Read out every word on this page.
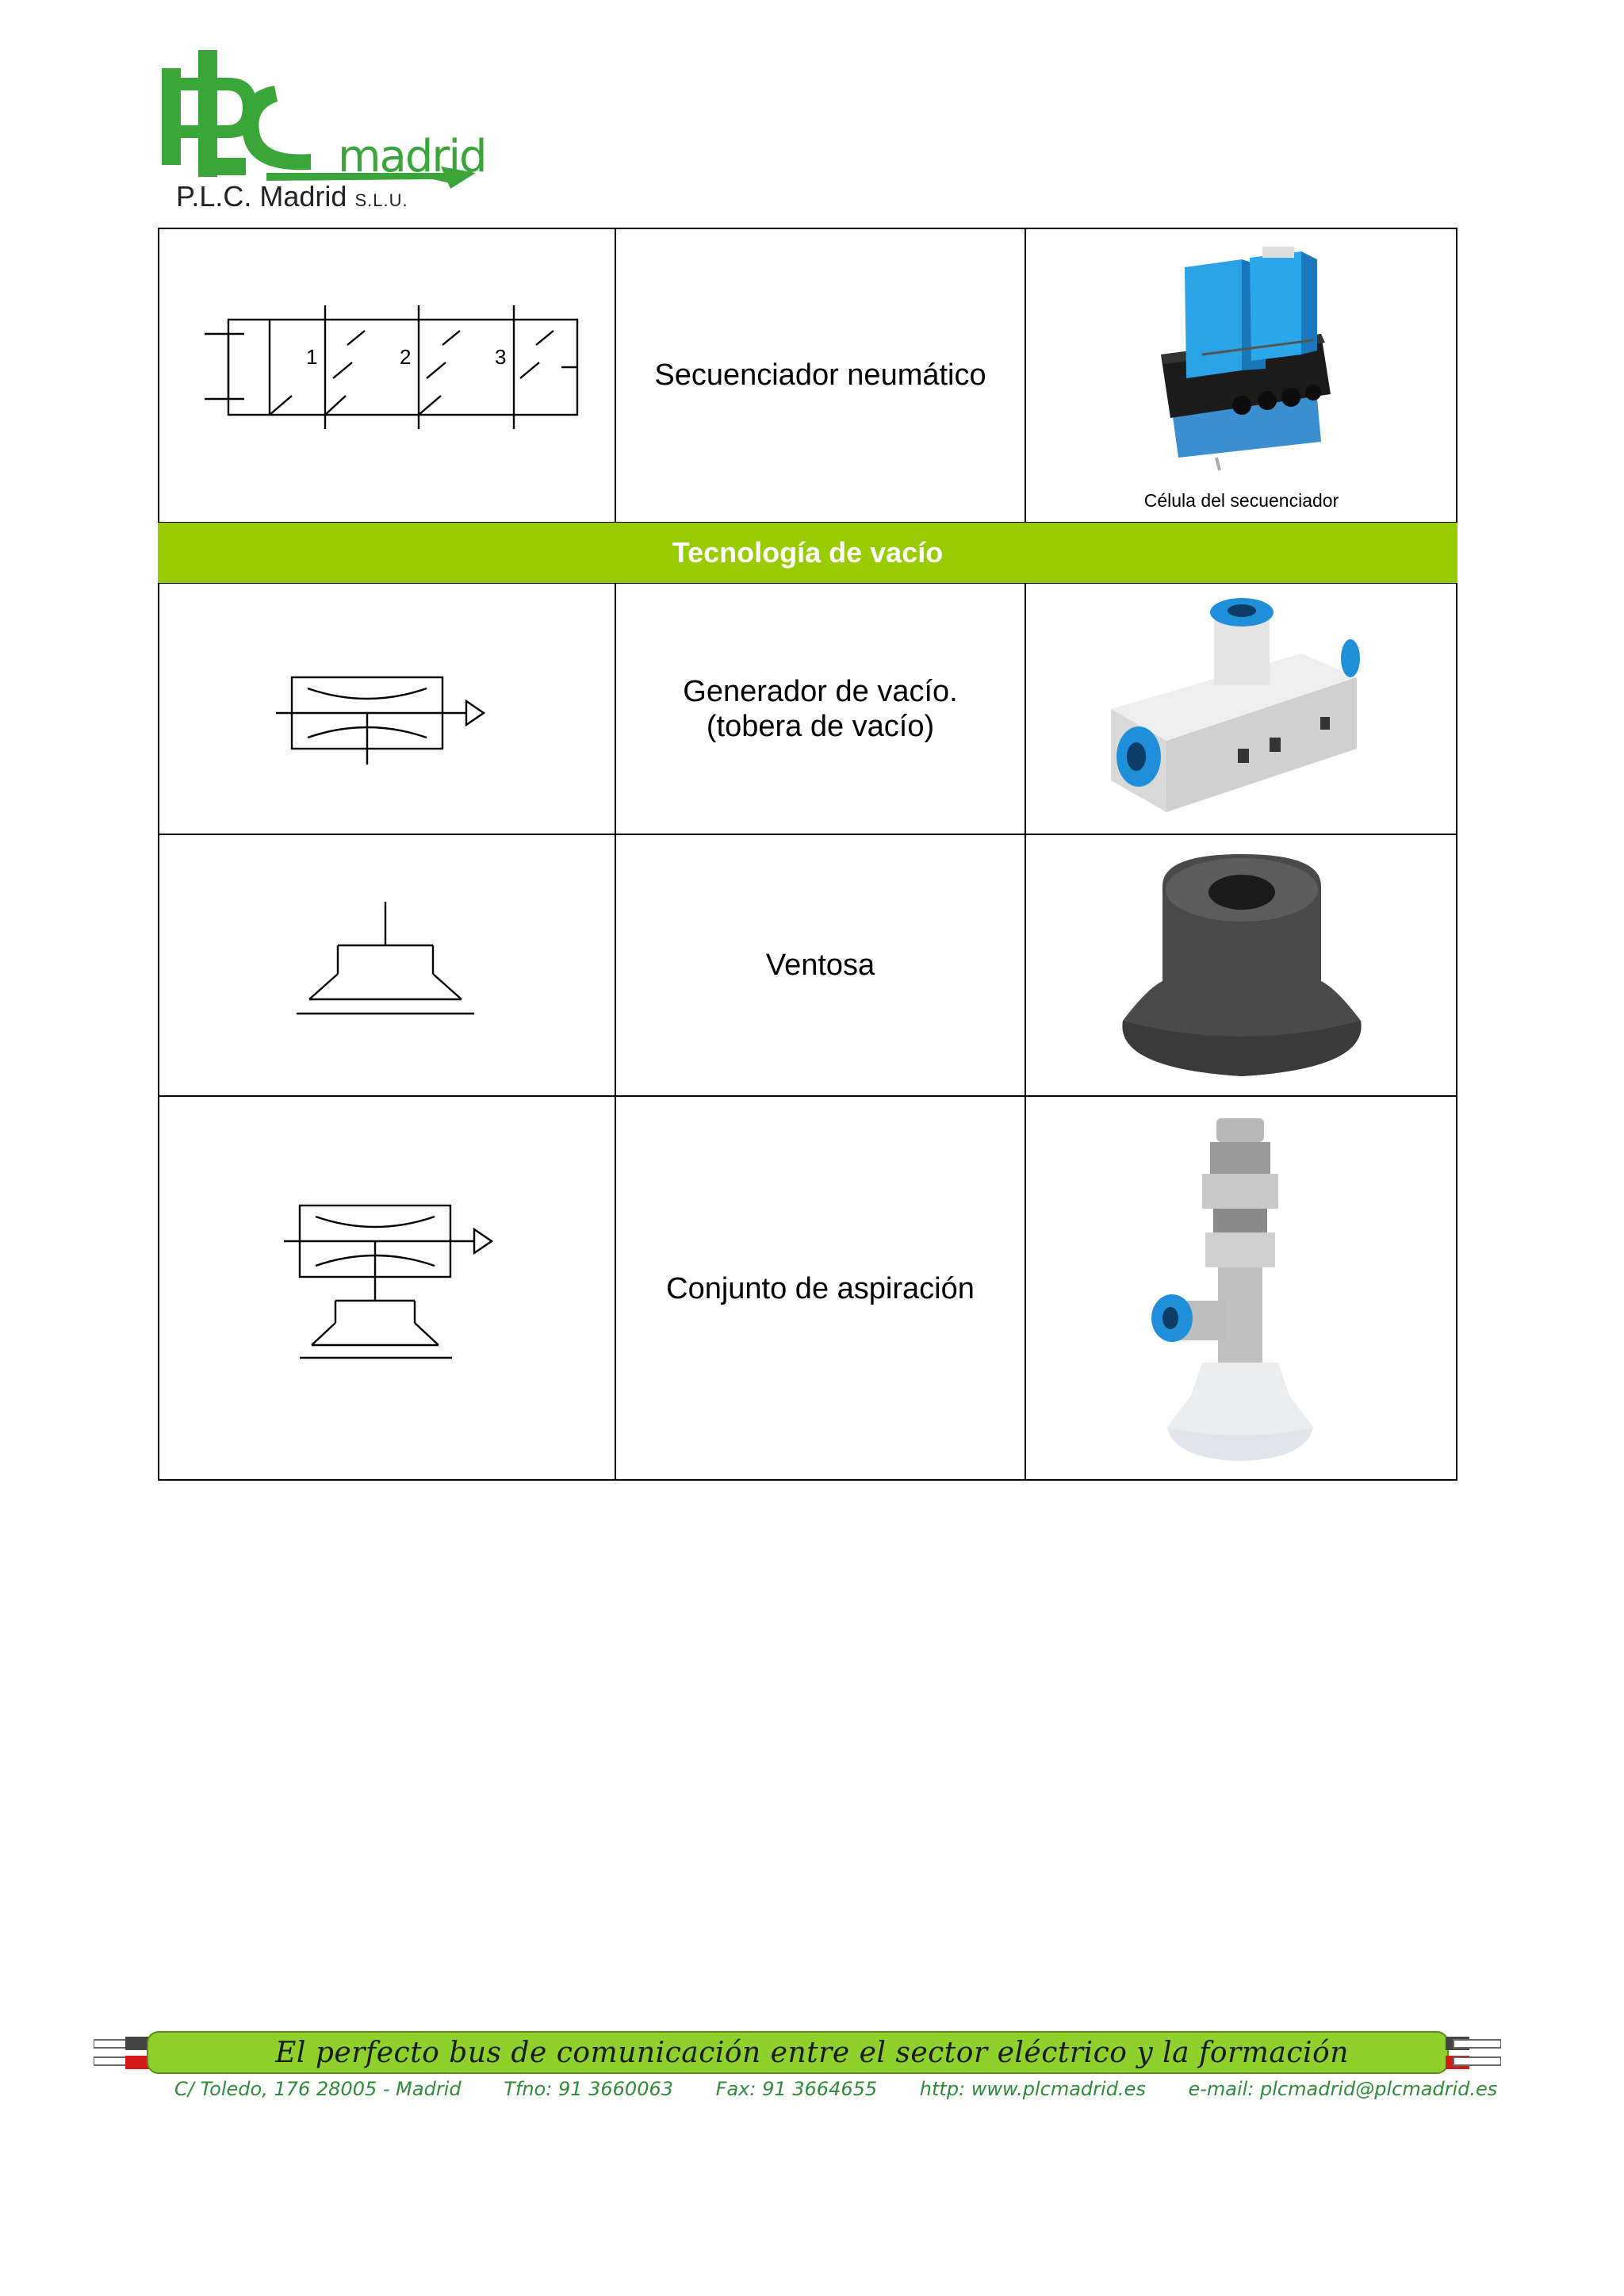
madrid
P.L.C. Madrid S.L.U.
1	2	3
Secuenciador neumático
Célula del secuenciador
Tecnología de vacío
Generador de vacío.
(tobera de vacío)
Ventosa
Conjunto de aspiración
El perfecto bus de comunicación entre el sector eléctrico y la formación
C/ Toledo, 176 28005 - Madrid Tfno: 91 3660063 Fax: 91 3664655 http: www.plcmadrid.es e-mail: plcmadrid@plcmadrid.es
